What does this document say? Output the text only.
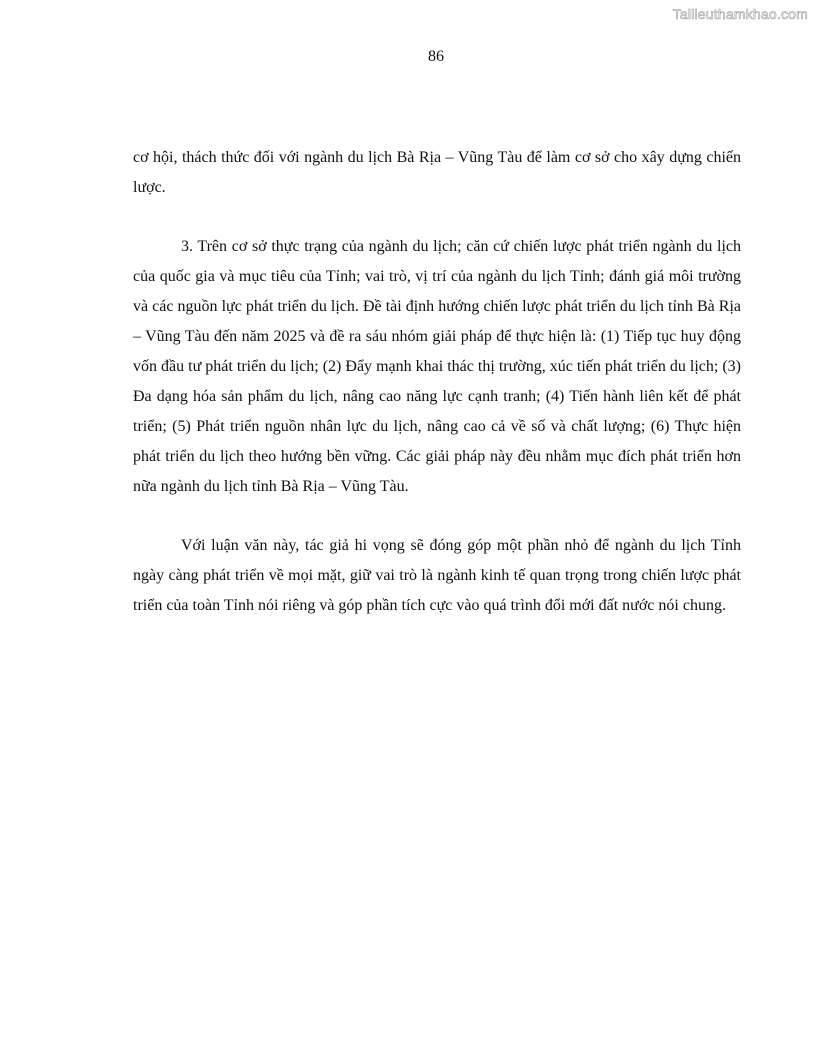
Tailieuthamkhao.com
86

cơ hội, thách thức đối với ngành du lịch Bà Rịa – Vũng Tàu để làm cơ sở cho xây dựng chiến lược.

3. Trên cơ sở thực trạng của ngành du lịch; căn cứ chiến lược phát triển ngành du lịch của quốc gia và mục tiêu của Tỉnh; vai trò, vị trí của ngành du lịch Tỉnh; đánh giá môi trường và các nguồn lực phát triển du lịch. Đề tài định hướng chiến lược phát triển du lịch tỉnh Bà Rịa – Vũng Tàu đến năm 2025 và đề ra sáu nhóm giải pháp để thực hiện là: (1) Tiếp tục huy động vốn đầu tư phát triển du lịch; (2) Đẩy mạnh khai thác thị trường, xúc tiến phát triển du lịch; (3) Đa dạng hóa sản phẩm du lịch, nâng cao năng lực cạnh tranh; (4) Tiến hành liên kết để phát triển; (5) Phát triển nguồn nhân lực du lịch, nâng cao cả về số và chất lượng; (6) Thực hiện phát triển du lịch theo hướng bền vững. Các giải pháp này đều nhằm mục đích phát triển hơn nữa ngành du lịch tỉnh Bà Rịa – Vũng Tàu.

Với luận văn này, tác giả hi vọng sẽ đóng góp một phần nhỏ để ngành du lịch Tỉnh ngày càng phát triển về mọi mặt, giữ vai trò là ngành kinh tế quan trọng trong chiến lược phát triển của toàn Tỉnh nói riêng và góp phần tích cực vào quá trình đổi mới đất nước nói chung.
